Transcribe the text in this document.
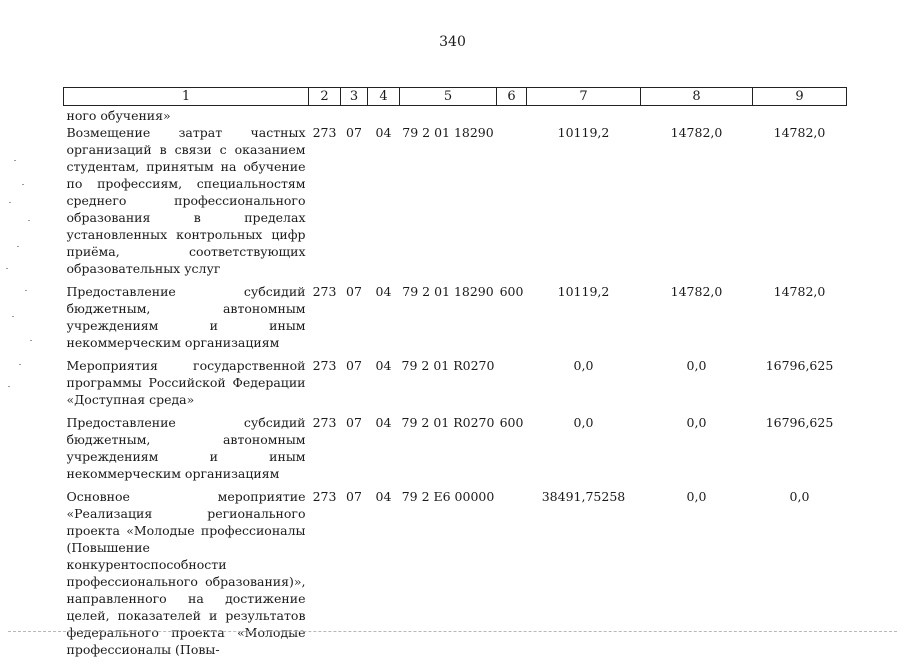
340
1	2	3	4	5	6	7	8	9
ного обучения»								
Возмещение затрат частных организаций в связи с оказанием студентам, принятым на обучение по профессиям, специальностям среднего профессионального образования в пределах установленных контрольных цифр приёма, соответствующих образовательных услуг	273	07	04	79 2 01 18290		10119,2	14782,0	14782,0
Предоставление субсидий бюджетным, автономным учреждениям и иным некоммерческим организациям	273	07	04	79 2 01 18290	600	10119,2	14782,0	14782,0
Мероприятия государственной программы Российской Федерации «Доступная среда»	273	07	04	79 2 01 R0270		0,0	0,0	16796,625
Предоставление субсидий бюджетным, автономным учреждениям и иным некоммерческим организациям	273	07	04	79 2 01 R0270	600	0,0	0,0	16796,625
Основное мероприятие «Реализация регионального проекта «Молодые профессионалы (Повышение конкурентоспособности профессионального образования)», направленного на достижение целей, показателей и результатов федерального проекта «Молодые профессионалы (Повы-	273	07	04	79 2 E6 00000		38491,75258	0,0	0,0
